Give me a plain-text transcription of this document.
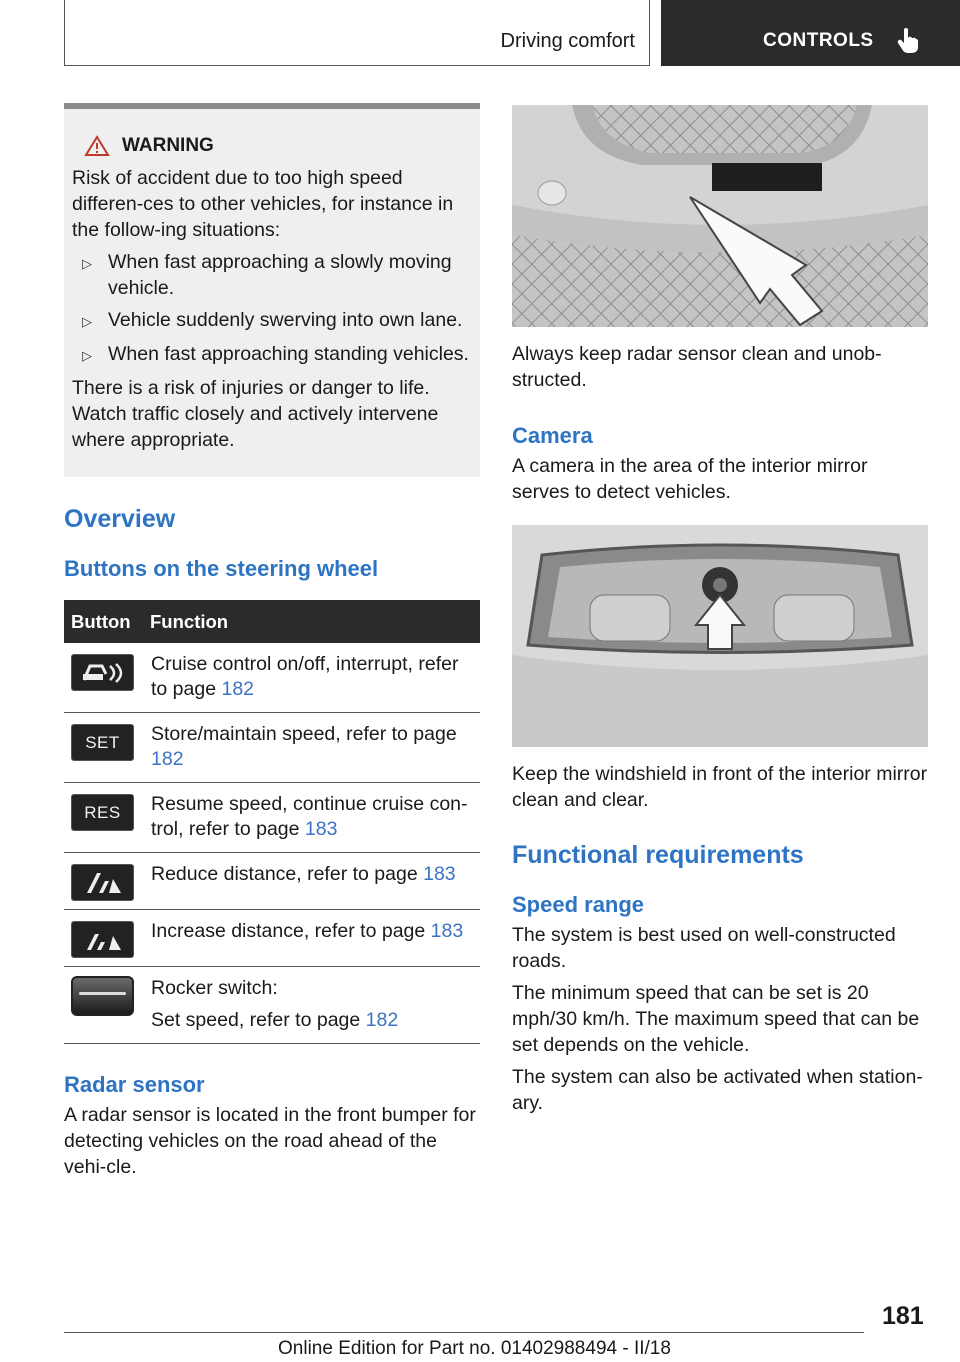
Driving comfort	CONTROLS
WARNING

Risk of accident due to too high speed differen-ces to other vehicles, for instance in the follow-ing situations:

▷ When fast approaching a slowly moving vehicle.
▷ Vehicle suddenly swerving into own lane.
▷ When fast approaching standing vehicles.

There is a risk of injuries or danger to life. Watch traffic closely and actively intervene where appropriate.

Overview
Buttons on the steering wheel
Button	Function

	Cruise control on/off, interrupt, refer to page 182

SET	Store/maintain speed, refer to page 182

RES	Resume speed, continue cruise con-trol, refer to page 183

	Reduce distance, refer to page 183

	Increase distance, refer to page 183

	Rocker switch:
Set speed, refer to page 182
Radar sensor
A radar sensor is located in the front bumper for detecting vehicles on the road ahead of the vehi-cle.
Always keep radar sensor clean and unob-structed.
Camera
A camera in the area of the interior mirror serves to detect vehicles.
Keep the windshield in front of the interior mirror clean and clear.
Functional requirements
Speed range
The system is best used on well-constructed roads.
The minimum speed that can be set is 20 mph/30 km/h. The maximum speed that can be set depends on the vehicle.
The system can also be activated when station-ary.
181
Online Edition for Part no. 01402988494 - II/18
